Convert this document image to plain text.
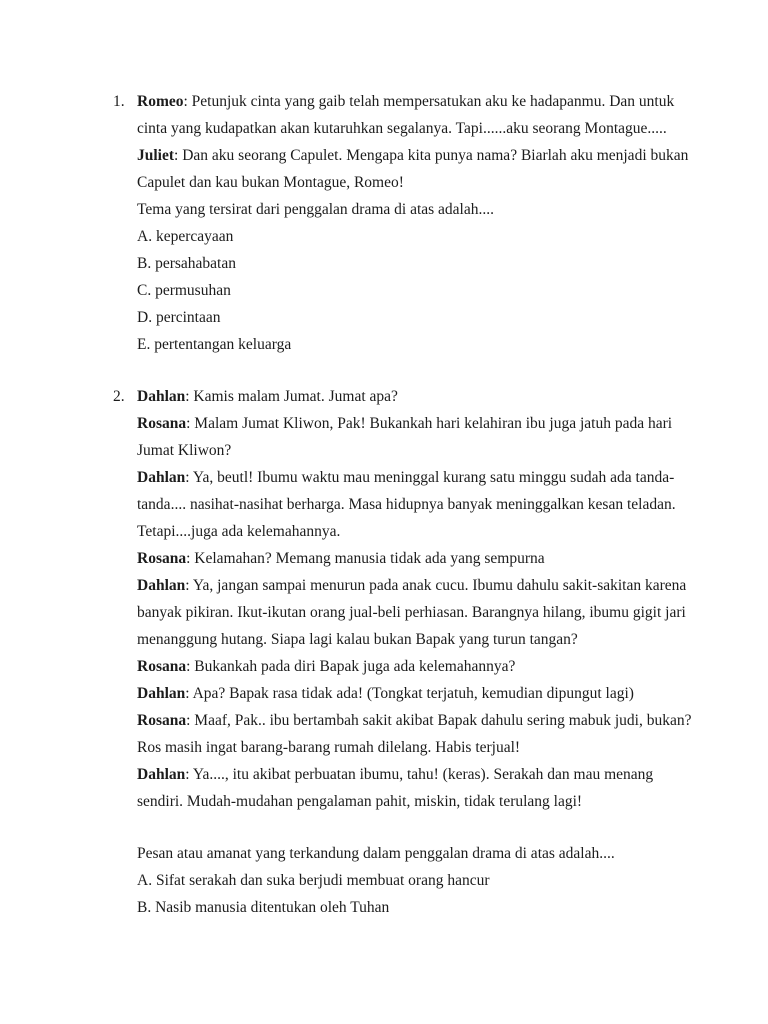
1. Romeo: Petunjuk cinta yang gaib telah mempersatukan aku ke hadapanmu. Dan untuk
cinta yang kudapatkan akan kutaruhkan segalanya. Tapi......aku seorang Montague.....
Juliet: Dan aku seorang Capulet. Mengapa kita punya nama? Biarlah aku menjadi bukan
Capulet dan kau bukan Montague, Romeo!
Tema yang tersirat dari penggalan drama di atas adalah....
A. kepercayaan
B. persahabatan
C. permusuhan
D. percintaan
E. pertentangan keluarga
2. Dahlan: Kamis malam Jumat. Jumat apa?
Rosana: Malam Jumat Kliwon, Pak! Bukankah hari kelahiran ibu juga jatuh pada hari
Jumat Kliwon?
Dahlan: Ya, beutl! Ibumu waktu mau meninggal kurang satu minggu sudah ada tanda-
tanda.... nasihat-nasihat berharga. Masa hidupnya banyak meninggalkan kesan teladan.
Tetapi....juga ada kelemahannya.
Rosana: Kelamahan? Memang manusia tidak ada yang sempurna
Dahlan: Ya, jangan sampai menurun pada anak cucu. Ibumu dahulu sakit-sakitan karena
banyak pikiran. Ikut-ikutan orang jual-beli perhiasan. Barangnya hilang, ibumu gigit jari
menanggung hutang. Siapa lagi kalau bukan Bapak yang turun tangan?
Rosana: Bukankah pada diri Bapak juga ada kelemahannya?
Dahlan: Apa? Bapak rasa tidak ada! (Tongkat terjatuh, kemudian dipungut lagi)
Rosana: Maaf, Pak.. ibu bertambah sakit akibat Bapak dahulu sering mabuk judi, bukan?
Ros masih ingat barang-barang rumah dilelang. Habis terjual!
Dahlan: Ya...., itu akibat perbuatan ibumu, tahu! (keras). Serakah dan mau menang
sendiri. Mudah-mudahan pengalaman pahit, miskin, tidak terulang lagi!
Pesan atau amanat yang terkandung dalam penggalan drama di atas adalah....
A. Sifat serakah dan suka berjudi membuat orang hancur
B. Nasib manusia ditentukan oleh Tuhan
